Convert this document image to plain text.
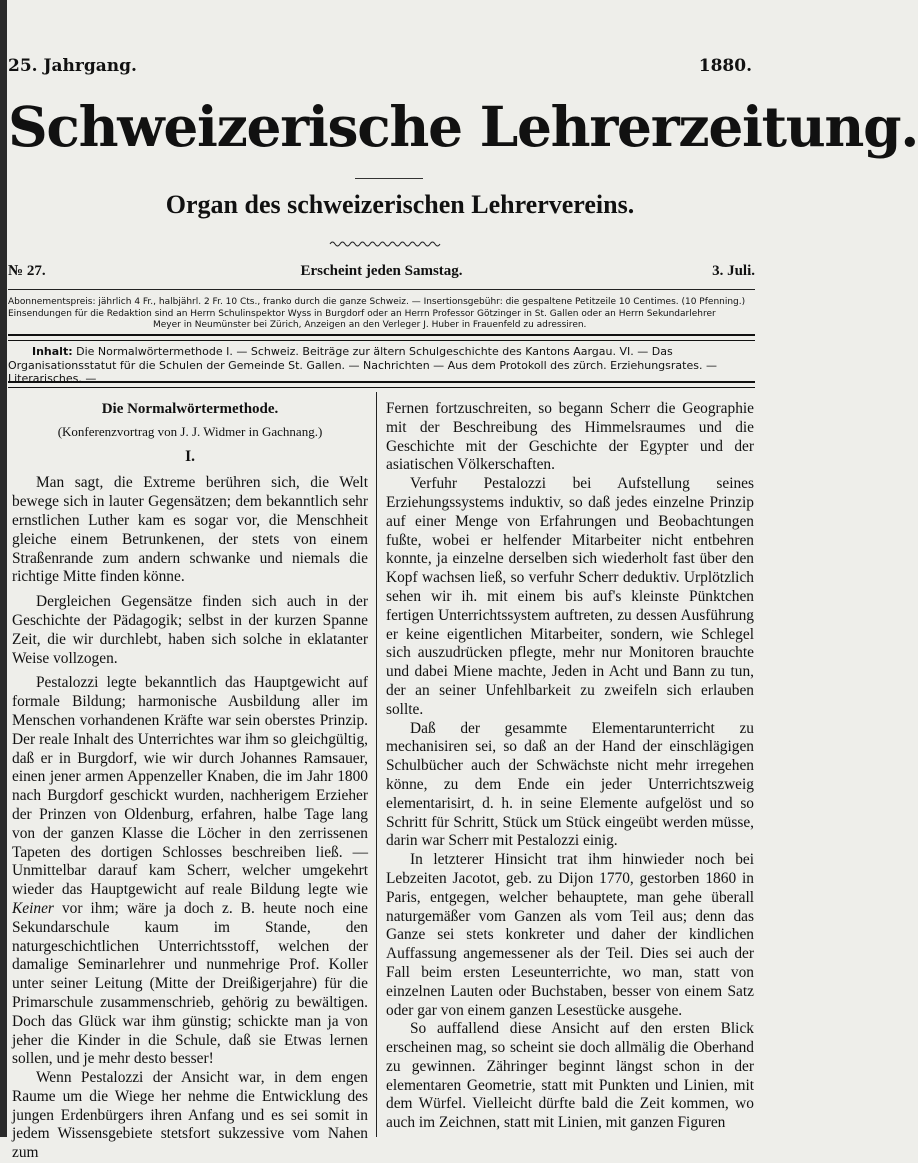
25. Jahrgang.	1880.
Schweizerische Lehrerzeitung.
Organ des schweizerischen Lehrervereins.
№ 27.	Erscheint jeden Samstag.	3. Juli.

Abonnementspreis: jährlich 4 Fr., halbjährl. 2 Fr. 10 Cts., franko durch die ganze Schweiz. — Insertionsgebühr: die gespaltene Petitzeile 10 Centimes. (10 Pfenning.)

Einsendungen für die Redaktion sind an Herrn Schulinspektor Wyss in Burgdorf oder an Herrn Professor Götzinger in St. Gallen oder an Herrn Sekundarlehrer

Meyer in Neumünster bei Zürich, Anzeigen an den Verleger J. Huber in Frauenfeld zu adressiren.

Inhalt: Die Normalwörtermethode I. — Schweiz. Beiträge zur ältern Schulgeschichte des Kantons Aargau. VI. — Das Organisationsstatut für die Schulen der Gemeinde St. Gallen. — Nachrichten — Aus dem Protokoll des zürch. Erziehungsrates. — Literarisches. —

Die Normalwörtermethode.

(Konferenzvortrag von J. J. Widmer in Gachnang.)

I.

Man sagt, die Extreme berühren sich, die Welt bewege sich in lauter Gegensätzen; dem bekanntlich sehr ernstlichen Luther kam es sogar vor, die Menschheit gleiche einem Betrunkenen, der stets von einem Straßenrande zum andern schwanke und niemals die richtige Mitte finden könne.

Dergleichen Gegensätze finden sich auch in der Geschichte der Pädagogik; selbst in der kurzen Spanne Zeit, die wir durchlebt, haben sich solche in eklatanter Weise vollzogen.

Pestalozzi legte bekanntlich das Hauptgewicht auf formale Bildung; harmonische Ausbildung aller im Menschen vorhandenen Kräfte war sein oberstes Prinzip. Der reale Inhalt des Unterrichtes war ihm so gleichgültig, daß er in Burgdorf, wie wir durch Johannes Ramsauer, einen jener armen Appenzeller Knaben, die im Jahr 1800 nach Burgdorf geschickt wurden, nachherigem Erzieher der Prinzen von Oldenburg, erfahren, halbe Tage lang von der ganzen Klasse die Löcher in den zerrissenen Tapeten des dortigen Schlosses beschreiben ließ. — Unmittelbar darauf kam Scherr, welcher umgekehrt wieder das Hauptgewicht auf reale Bildung legte wie Keiner vor ihm; wäre ja doch z. B. heute noch eine Sekundarschule kaum im Stande, den naturgeschichtlichen Unterrichtsstoff, welchen der damalige Seminarlehrer und nunmehrige Prof. Koller unter seiner Leitung (Mitte der Dreißigerjahre) für die Primarschule zusammenschrieb, gehörig zu bewältigen. Doch das Glück war ihm günstig; schickte man ja von jeher die Kinder in die Schule, daß sie Etwas lernen sollen, und je mehr desto besser!

Wenn Pestalozzi der Ansicht war, in dem engen Raume um die Wiege her nehme die Entwicklung des jungen Erdenbürgers ihren Anfang und es sei somit in jedem Wissensgebiete stetsfort sukzessive vom Nahen zum

Fernen fortzuschreiten, so begann Scherr die Geographie mit der Beschreibung des Himmelsraumes und die Geschichte mit der Geschichte der Egypter und der asiatischen Völkerschaften.

Verfuhr Pestalozzi bei Aufstellung seines Erziehungssystems induktiv, so daß jedes einzelne Prinzip auf einer Menge von Erfahrungen und Beobachtungen fußte, wobei er helfender Mitarbeiter nicht entbehren konnte, ja einzelne derselben sich wiederholt fast über den Kopf wachsen ließ, so verfuhr Scherr deduktiv. Urplötzlich sehen wir ih. mit einem bis auf's kleinste Pünktchen fertigen Unterrichtssystem auftreten, zu dessen Ausführung er keine eigentlichen Mitarbeiter, sondern, wie Schlegel sich auszudrücken pflegte, mehr nur Monitoren brauchte und dabei Miene machte, Jeden in Acht und Bann zu tun, der an seiner Unfehlbarkeit zu zweifeln sich erlauben sollte.

Daß der gesammte Elementarunterricht zu mechanisiren sei, so daß an der Hand der einschlägigen Schulbücher auch der Schwächste nicht mehr irregehen könne, zu dem Ende ein jeder Unterrichtszweig elementarisirt, d. h. in seine Elemente aufgelöst und so Schritt für Schritt, Stück um Stück eingeübt werden müsse, darin war Scherr mit Pestalozzi einig.

In letzterer Hinsicht trat ihm hinwieder noch bei Lebzeiten Jacotot, geb. zu Dijon 1770, gestorben 1860 in Paris, entgegen, welcher behauptete, man gehe überall naturgemäßer vom Ganzen als vom Teil aus; denn das Ganze sei stets konkreter und daher der kindlichen Auffassung angemessener als der Teil. Dies sei auch der Fall beim ersten Leseunterrichte, wo man, statt von einzelnen Lauten oder Buchstaben, besser von einem Satz oder gar von einem ganzen Lesestücke ausgehe.

So auffallend diese Ansicht auf den ersten Blick erscheinen mag, so scheint sie doch allmälig die Oberhand zu gewinnen. Zähringer beginnt längst schon in der elementaren Geometrie, statt mit Punkten und Linien, mit dem Würfel. Vielleicht dürfte bald die Zeit kommen, wo auch im Zeichnen, statt mit Linien, mit ganzen Figuren
